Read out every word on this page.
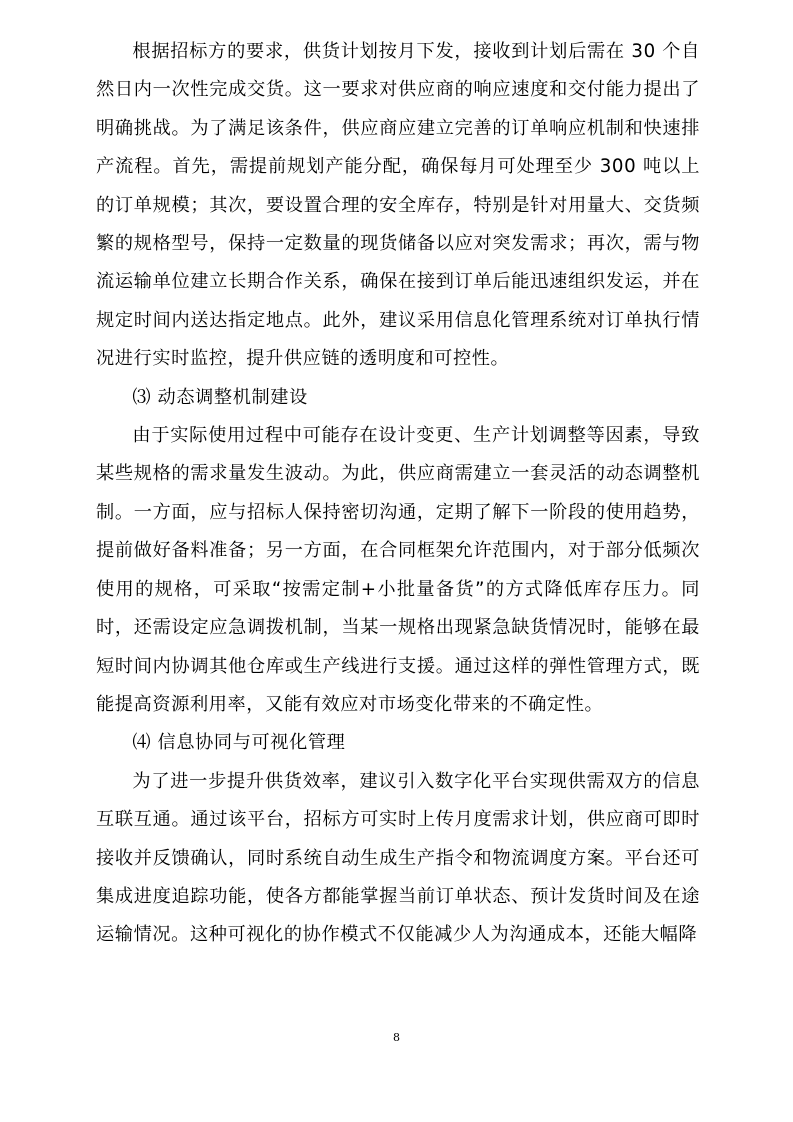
根据招标方的要求，供货计划按月下发，接收到计划后需在 30 个自然日内一次性完成交货。这一要求对供应商的响应速度和交付能力提出了明确挑战。为了满足该条件，供应商应建立完善的订单响应机制和快速排产流程。首先，需提前规划产能分配，确保每月可处理至少 300 吨以上的订单规模；其次，要设置合理的安全库存，特别是针对用量大、交货频繁的规格型号，保持一定数量的现货储备以应对突发需求；再次，需与物流运输单位建立长期合作关系，确保在接到订单后能迅速组织发运，并在规定时间内送达指定地点。此外，建议采用信息化管理系统对订单执行情况进行实时监控，提升供应链的透明度和可控性。

⑶ 动态调整机制建设

由于实际使用过程中可能存在设计变更、生产计划调整等因素，导致某些规格的需求量发生波动。为此，供应商需建立一套灵活的动态调整机制。一方面，应与招标人保持密切沟通，定期了解下一阶段的使用趋势，提前做好备料准备；另一方面，在合同框架允许范围内，对于部分低频次使用的规格，可采取“按需定制+小批量备货”的方式降低库存压力。同时，还需设定应急调拨机制，当某一规格出现紧急缺货情况时，能够在最短时间内协调其他仓库或生产线进行支援。通过这样的弹性管理方式，既能提高资源利用率，又能有效应对市场变化带来的不确定性。

⑷ 信息协同与可视化管理

为了进一步提升供货效率，建议引入数字化平台实现供需双方的信息互联互通。通过该平台，招标方可实时上传月度需求计划，供应商可即时接收并反馈确认，同时系统自动生成生产指令和物流调度方案。平台还可集成进度追踪功能，使各方都能掌握当前订单状态、预计发货时间及在途运输情况。这种可视化的协作模式不仅能减少人为沟通成本，还能大幅降

8
